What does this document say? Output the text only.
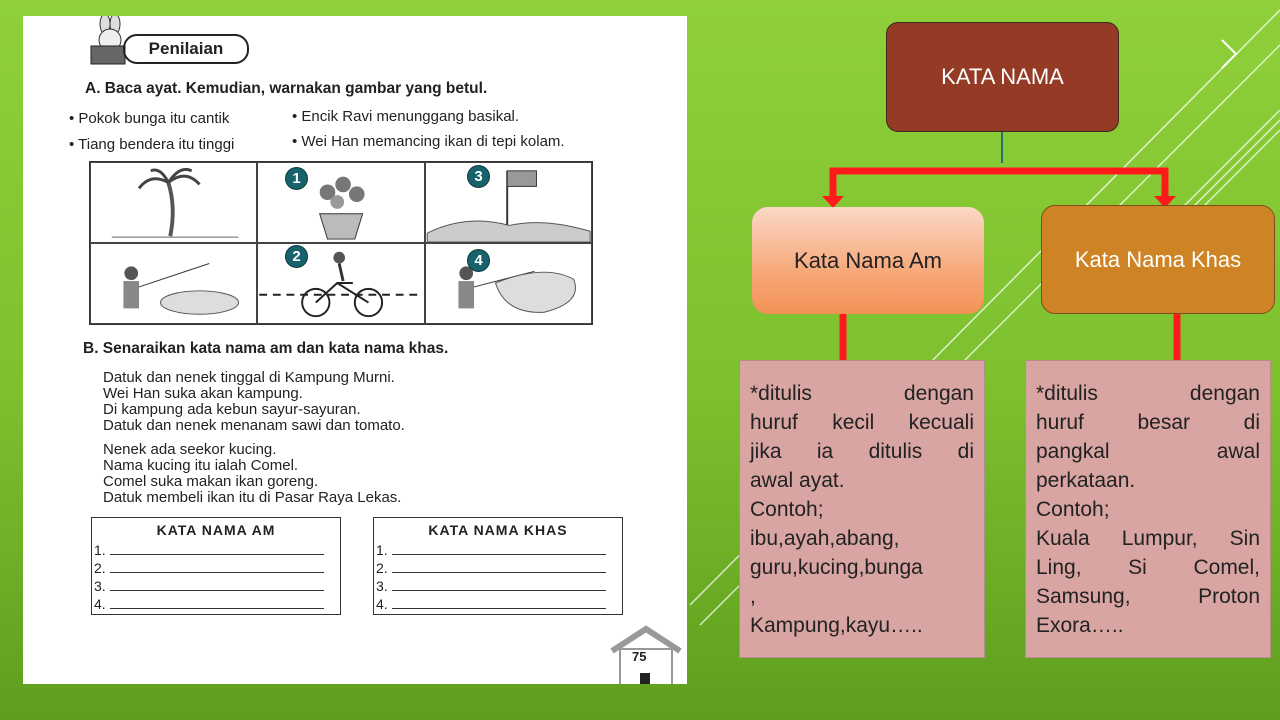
Penilaian
A. Baca ayat. Kemudian, warnakan gambar yang betul.
• Pokok bunga itu cantik	• Encik Ravi menunggang basikal.
• Tiang bendera itu tinggi	• Wei Han memancing ikan di tepi kolam.
1
2
3
4
B. Senaraikan kata nama am dan kata nama khas.
Datuk dan nenek tinggal di Kampung Murni.
Wei Han suka akan kampung.
Di kampung ada kebun sayur-sayuran.
Datuk dan nenek menanam sawi dan tomato.
Nenek ada seekor kucing.
Nama kucing itu ialah Comel.
Comel suka makan ikan goreng.
Datuk membeli ikan itu di Pasar Raya Lekas.
KATA NAMA AM
1.
2.
3.
4.
KATA NAMA KHAS
1.
2.
3.
4.
75
KATA NAMA
Kata Nama Am	Kata Nama Khas
*ditulis dengan
huruf kecil kecuali
jika ia ditulis di
awal ayat.
Contoh;
ibu,ayah,abang,
guru,kucing,bunga
,
Kampung,kayu…..
*ditulis dengan
huruf besar di
pangkal awal
perkataan.
Contoh;
Kuala Lumpur, Sin
Ling, Si Comel,
Samsung, Proton
Exora…..
